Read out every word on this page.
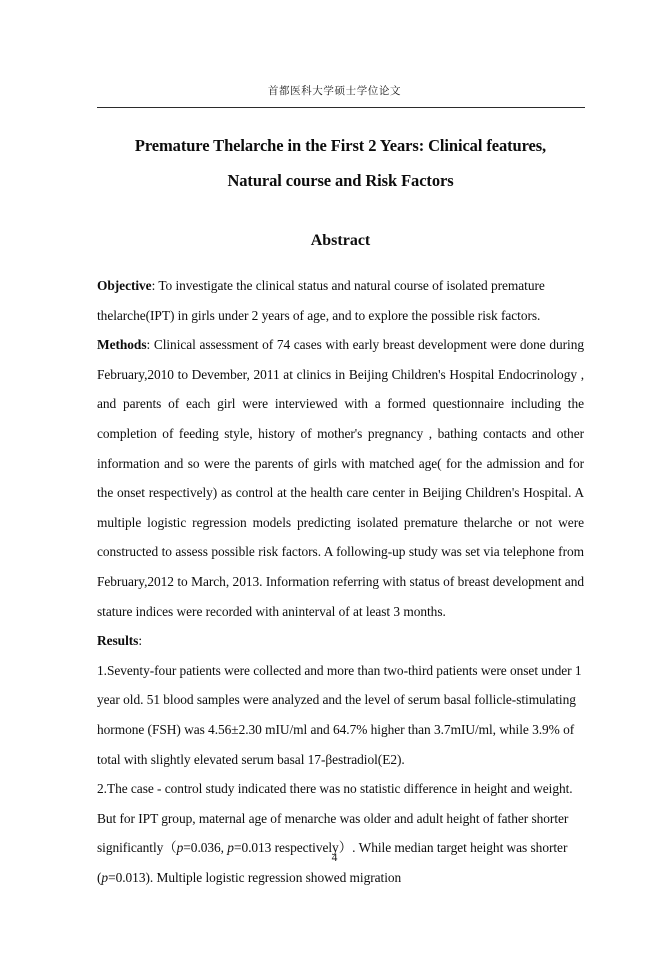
首都医科大学硕士学位论文
Premature Thelarche in the First 2 Years: Clinical features,
Natural course and Risk Factors
Abstract

Objective: To investigate the clinical status and natural course of isolated premature thelarche(IPT) in girls under 2 years of age, and to explore the possible risk factors.

Methods: Clinical assessment of 74 cases with early breast development were done during February,2010 to Devember, 2011 at clinics in Beijing Children's Hospital Endocrinology , and parents of each girl were interviewed with a formed questionnaire including the completion of feeding style, history of mother's pregnancy , bathing contacts and other information and so were the parents of girls with matched age( for the admission and for the onset respectively) as control at the health care center in Beijing Children's Hospital. A multiple logistic regression models predicting isolated premature thelarche or not were constructed to assess possible risk factors. A following-up study was set via telephone from February,2012 to March, 2013. Information referring with status of breast development and stature indices were recorded with aninterval of at least 3 months.

Results:

1.Seventy-four patients were collected and more than two-third patients were onset under 1 year old. 51 blood samples were analyzed and the level of serum basal follicle-stimulating hormone (FSH) was 4.56±2.30 mIU/ml and 64.7% higher than 3.7mIU/ml, while 3.9% of total with slightly elevated serum basal 17-βestradiol(E2).

2.The case - control study indicated there was no statistic difference in height and weight. But for IPT group, maternal age of menarche was older and adult height of father shorter significantly（p=0.036, p=0.013 respectively）. While median target height was shorter (p=0.013). Multiple logistic regression showed migration

4
